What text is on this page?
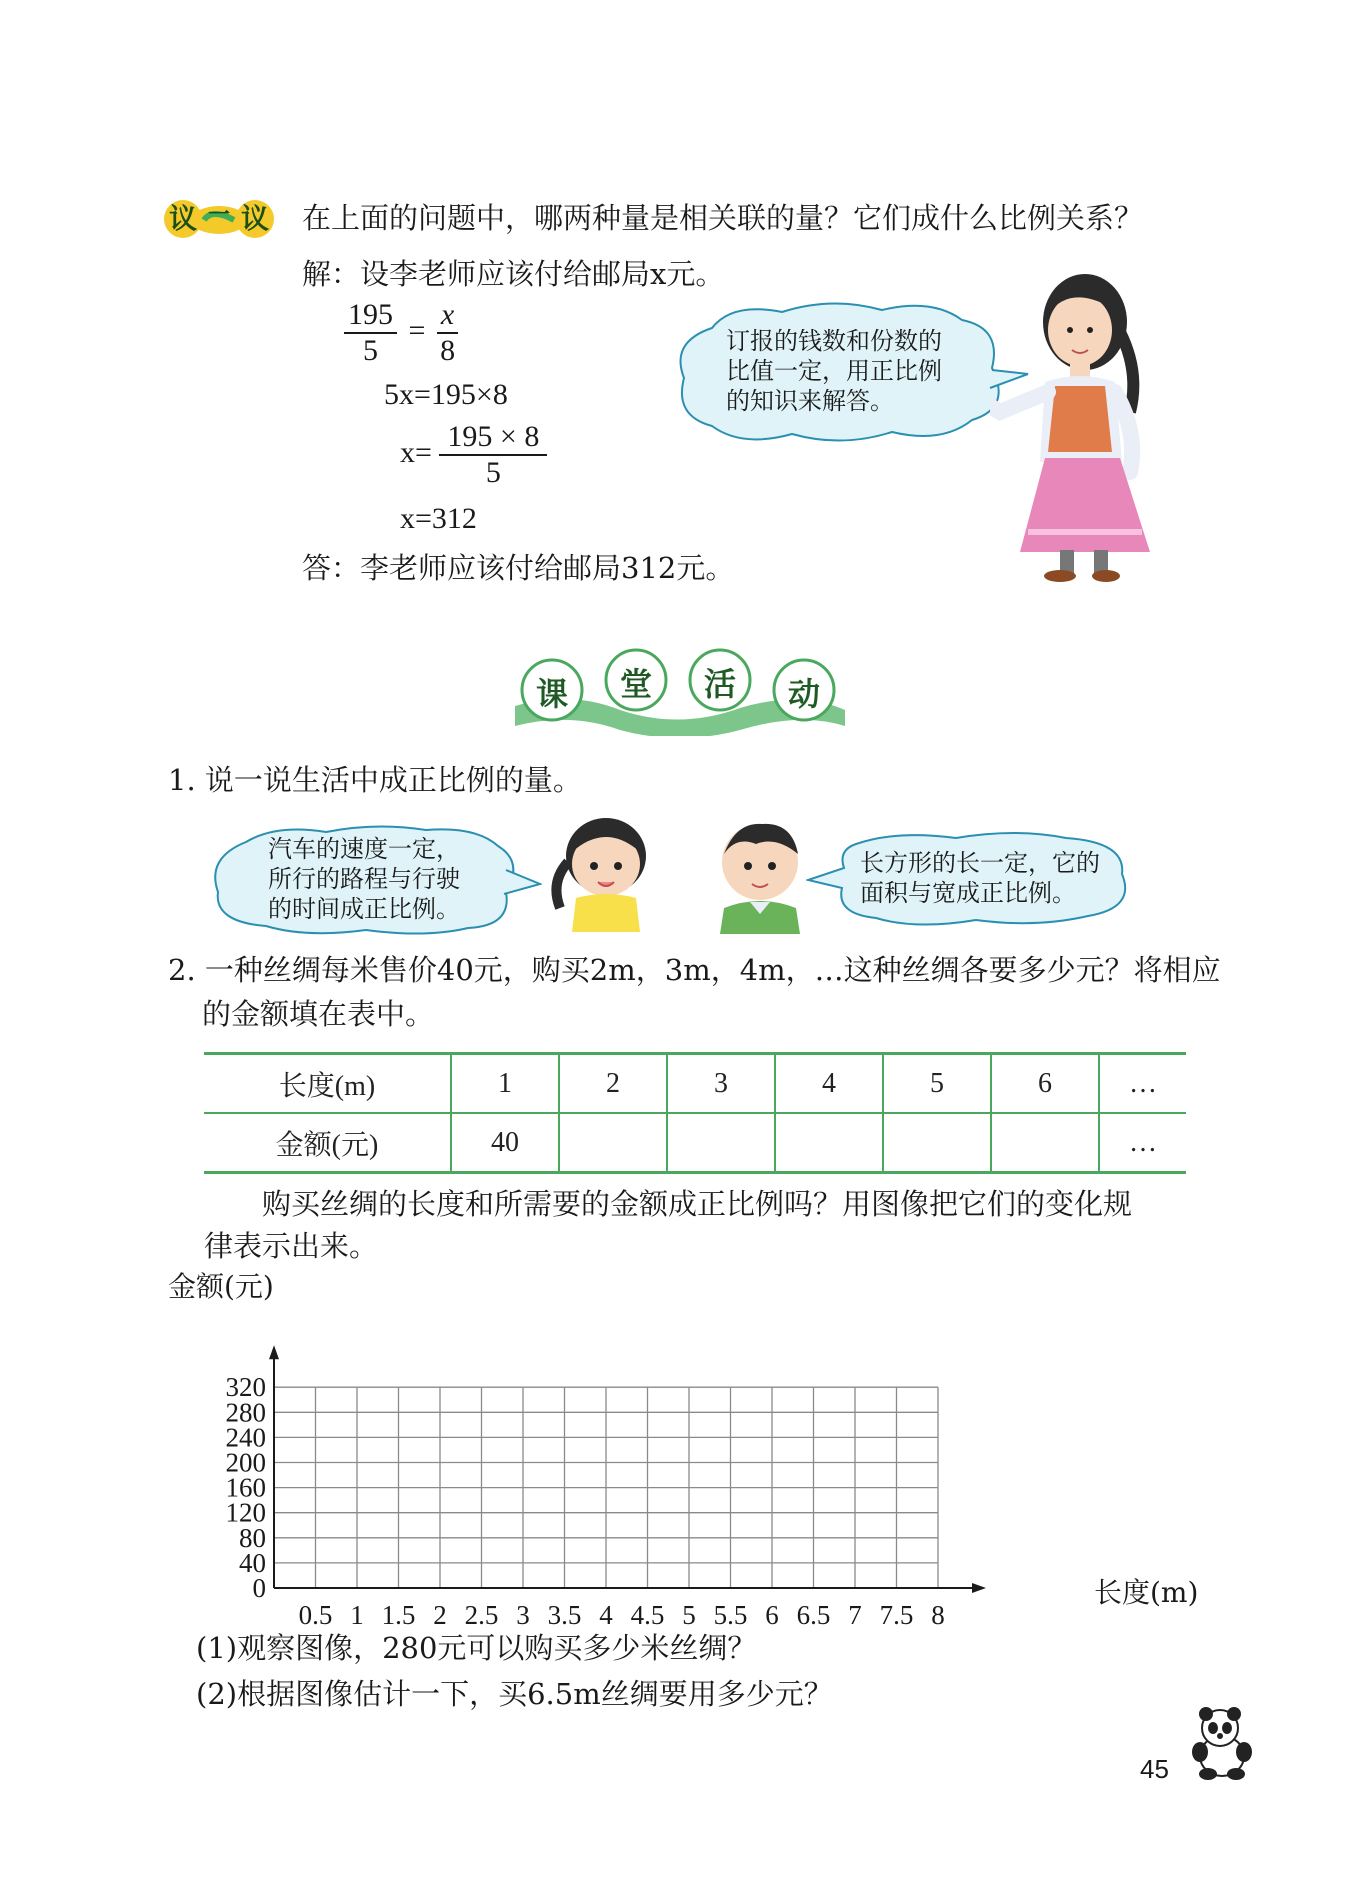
议 一 议 在上面的问题中，哪两种量是相关联的量？它们成什么比例关系？
解：设李老师应该付给邮局x元。
$\frac{195}{5} = \frac{x}{8}$
5x=195×8
$x= \frac{195 \times 8}{5}$
x=312
答：李老师应该付给邮局312元。
订报的钱数和份数的
比值一定，用正比例
的知识来解答。
课 堂 活 动
1. 说一说生活中成正比例的量。
汽车的速度一定，
所行的路程与行驶
的时间成正比例。
长方形的长一定，它的
面积与宽成正比例。
2. 一种丝绸每米售价40元，购买2m，3m，4m，…这种丝绸各要多少元？将相应
的金额填在表中。
长度(m)	1	2	3	4	5	6	…
金额(元)	40						…
购买丝绸的长度和所需要的金额成正比例吗？用图像把它们的变化规
律表示出来。
0
40
80
120
160
200
240
280
320
0.5 1 1.5 2 2.5 3 3.5 4 4.5 5 5.5 6 6.5 7 7.5 8
金额(元)
长度(m)
(1)观察图像，280元可以购买多少米丝绸？
(2)根据图像估计一下，买6.5m丝绸要用多少元？
45
